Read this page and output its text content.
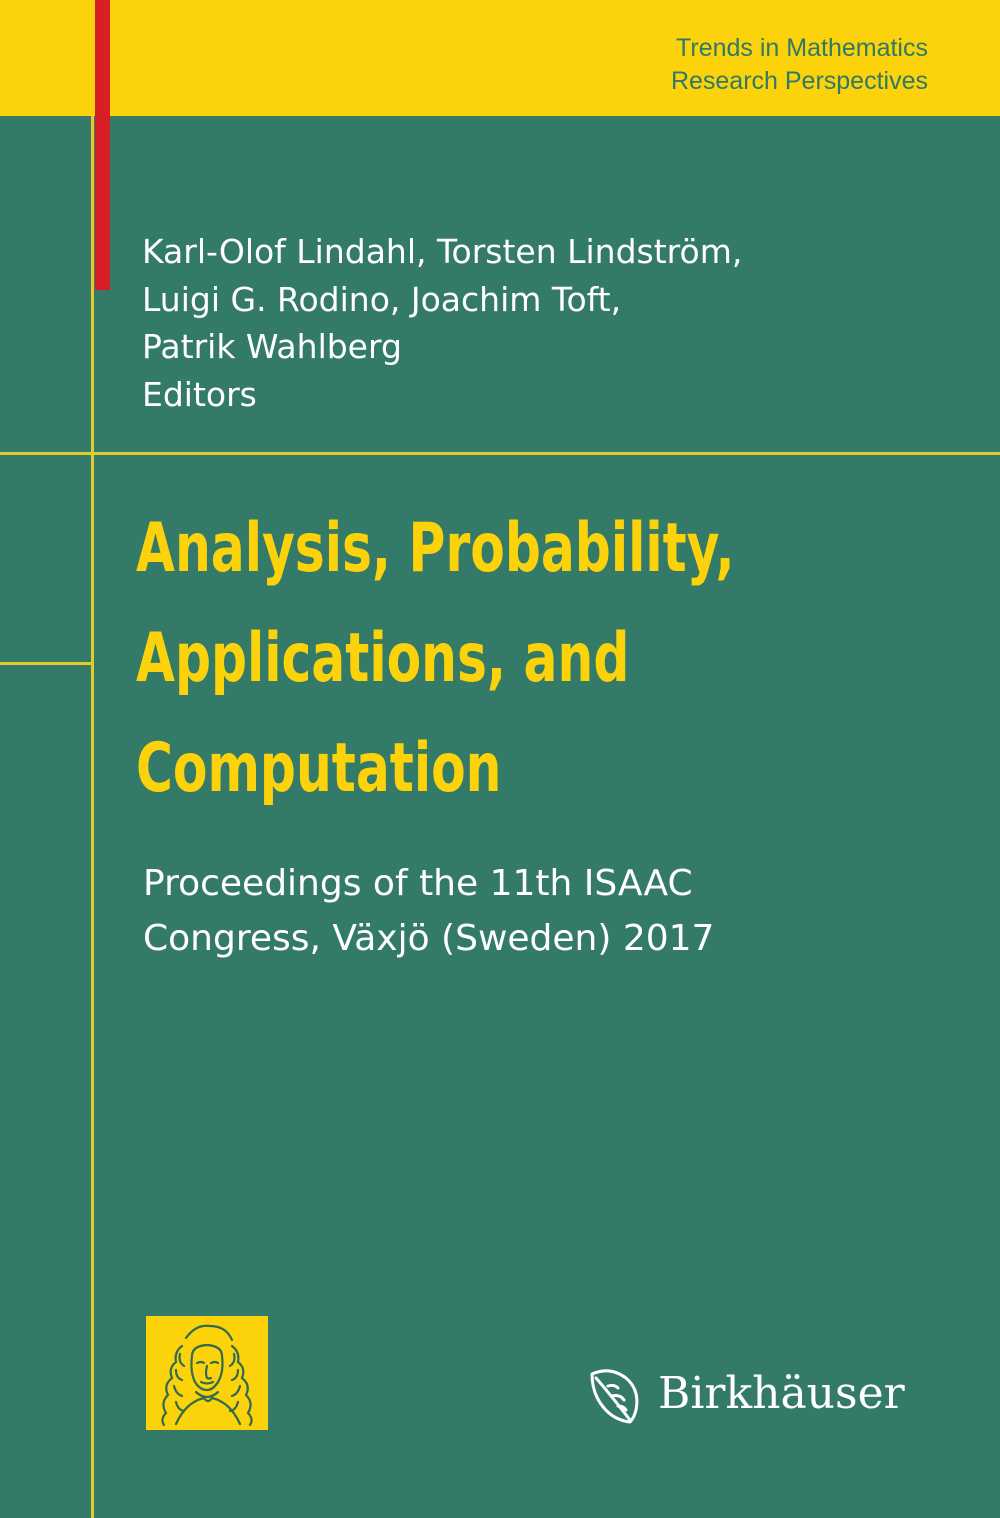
Trends in Mathematics
Research Perspectives
Karl-Olof Lindahl, Torsten Lindström,
Luigi G. Rodino, Joachim Toft,
Patrik Wahlberg
Editors
Analysis, Probability,
Applications, and
Computation
Proceedings of the 11th ISAAC
Congress, Växjö (Sweden) 2017
Birkhäuser
